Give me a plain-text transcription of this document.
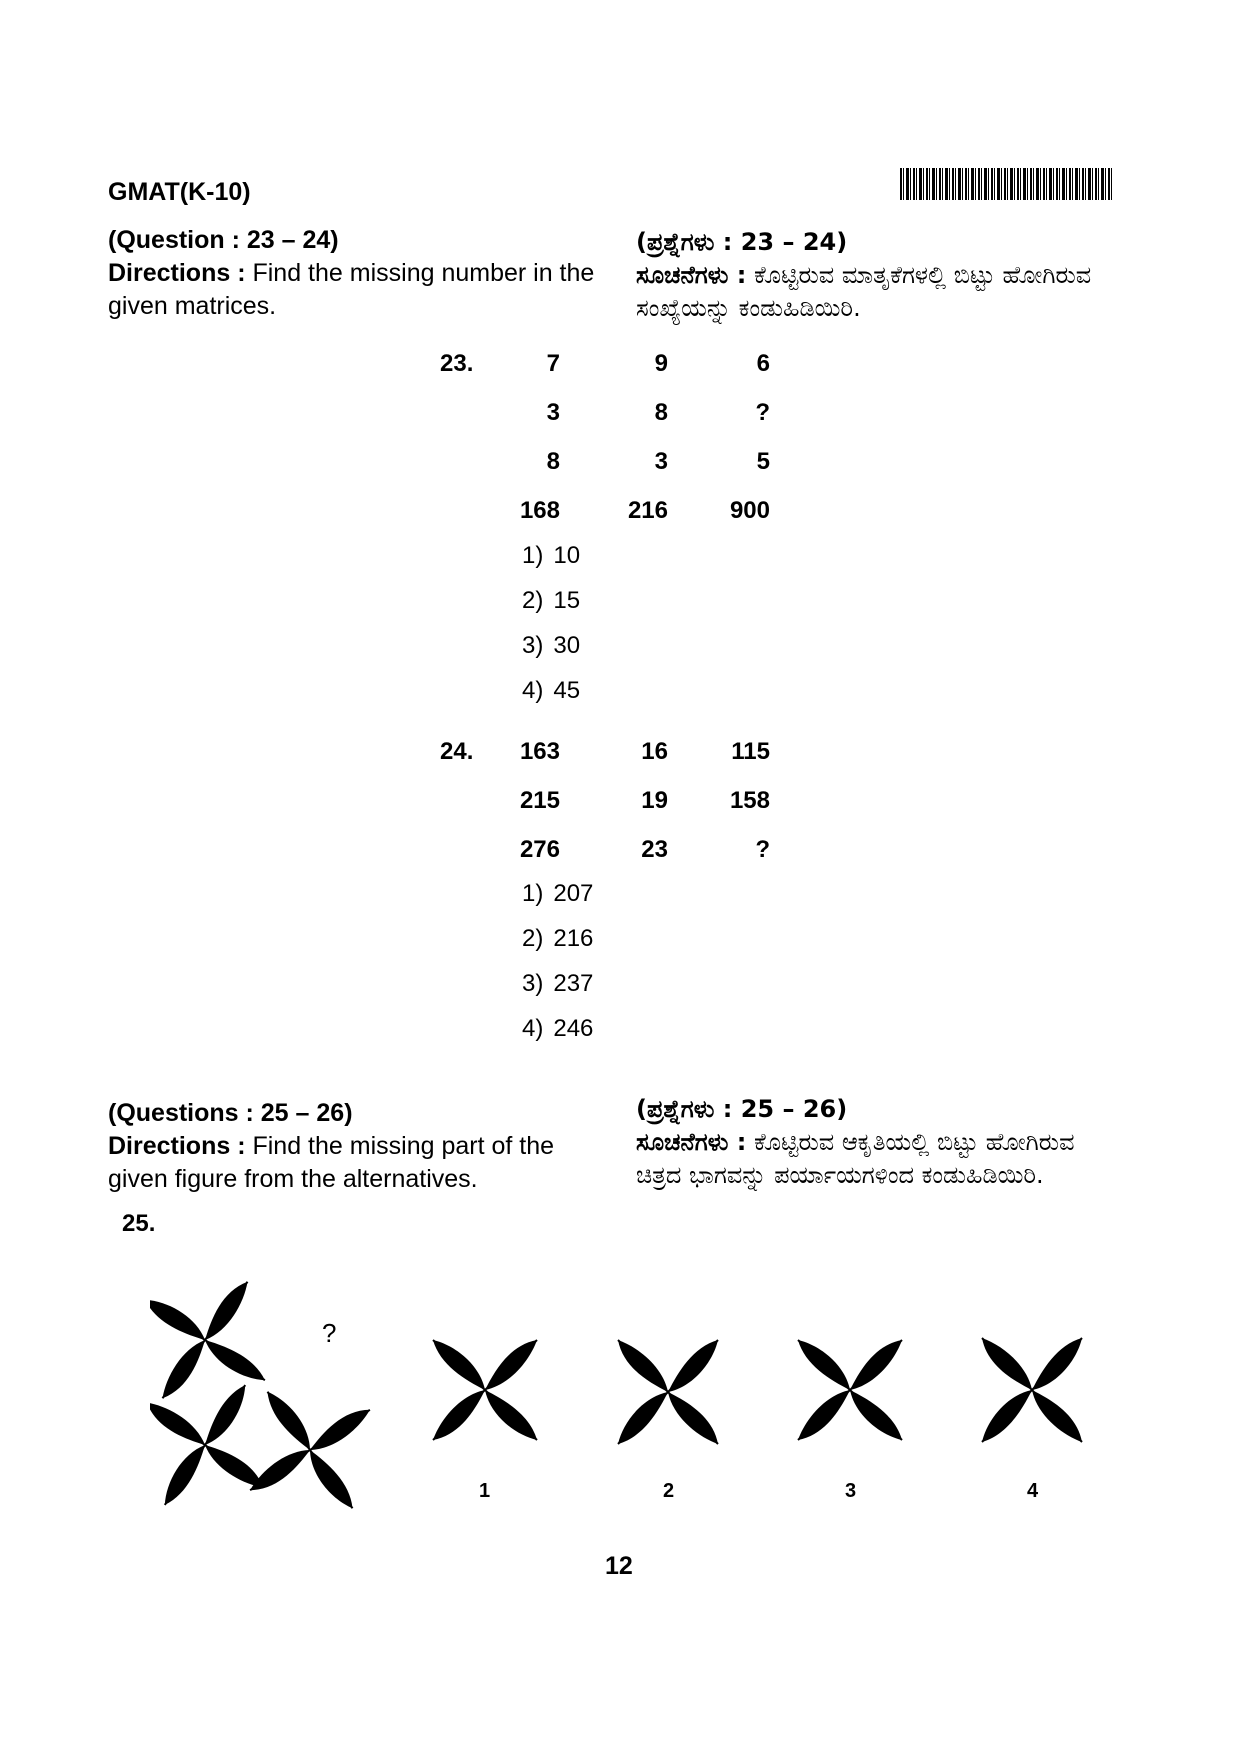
GMAT(K-10)
(Question : 23 – 24)
Directions : Find the missing number in the given matrices.
(ಪ್ರಶ್ನೆಗಳು : 23 – 24)
ಸೂಚನೆಗಳು : ಕೊಟ್ಟಿರುವ ಮಾತೃಕೆಗಳಲ್ಲಿ ಬಿಟ್ಟು ಹೋಗಿರುವ ಸಂಖ್ಯೆಯನ್ನು ಕಂಡುಹಿಡಿಯಿರಿ.
23.	7	9	6
3	8	?
8	3	5
168	216	900
1) 10
2) 15
3) 30
4) 45
24.	163	16	115
215	19	158
276	23	?
1) 207
2) 216
3) 237
4) 246
(Questions : 25 – 26)
Directions : Find the missing part of the given figure from the alternatives.
25.
(ಪ್ರಶ್ನೆಗಳು : 25 – 26)
ಸೂಚನೆಗಳು : ಕೊಟ್ಟಿರುವ ಆಕೃತಿಯಲ್ಲಿ ಬಿಟ್ಟು ಹೋಗಿರುವ ಚಿತ್ರದ ಭಾಗವನ್ನು ಪರ್ಯಾಯಗಳಿಂದ ಕಂಡುಹಿಡಿಯಿರಿ.
?
1	2	3	4
12
